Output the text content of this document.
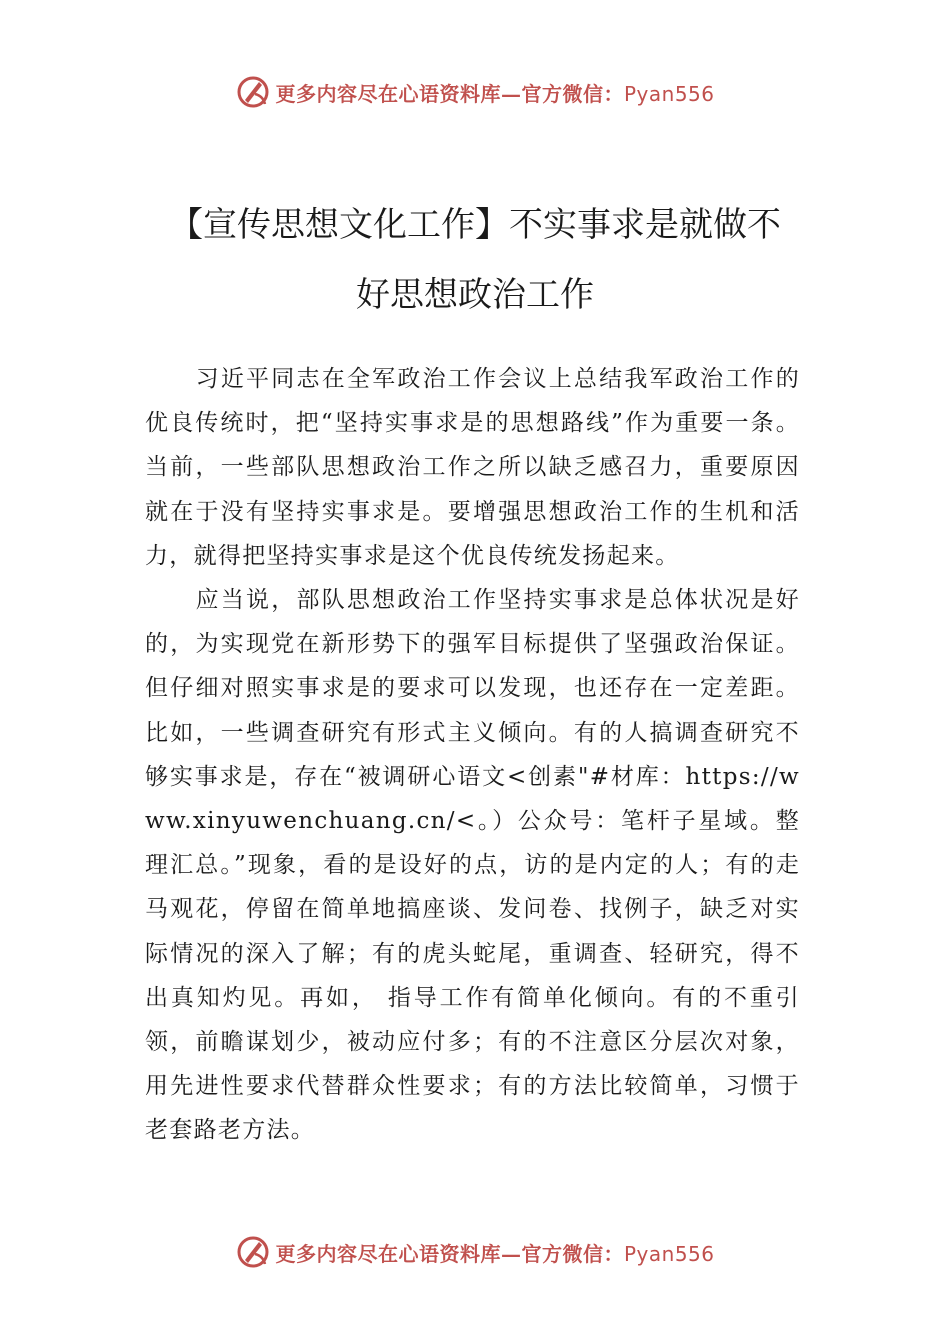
更多内容尽在心语资料库—官方微信：Pyan556
【宣传思想文化工作】不实事求是就做不
好思想政治工作

习近平同志在全军政治工作会议上总结我军政治工作的优良传统时，把“坚持实事求是的思想路线”作为重要一条。当前，一些部队思想政治工作之所以缺乏感召力，重要原因就在于没有坚持实事求是。要增强思想政治工作的生机和活力，就得把坚持实事求是这个优良传统发扬起来。

应当说，部队思想政治工作坚持实事求是总体状况是好的，为实现党在新形势下的强军目标提供了坚强政治保证。但仔细对照实事求是的要求可以发现，也还存在一定差距。比如，一些调查研究有形式主义倾向。有的人搞调查研究不够实事求是，存在“被调研心语文<创素"#材库：https://www.xinyuwenchuang.cn/<。）公众号：笔杆子星域。整理汇总。”现象，看的是设好的点，访的是内定的人；有的走马观花，停留在简单地搞座谈、发问卷、找例子，缺乏对实际情况的深入了解；有的虎头蛇尾，重调查、轻研究，得不出真知灼见。再如， 指导工作有简单化倾向。有的不重引领，前瞻谋划少，被动应付多；有的不注意区分层次对象，用先进性要求代替群众性要求；有的方法比较简单，习惯于老套路老方法。

更多内容尽在心语资料库—官方微信：Pyan556
